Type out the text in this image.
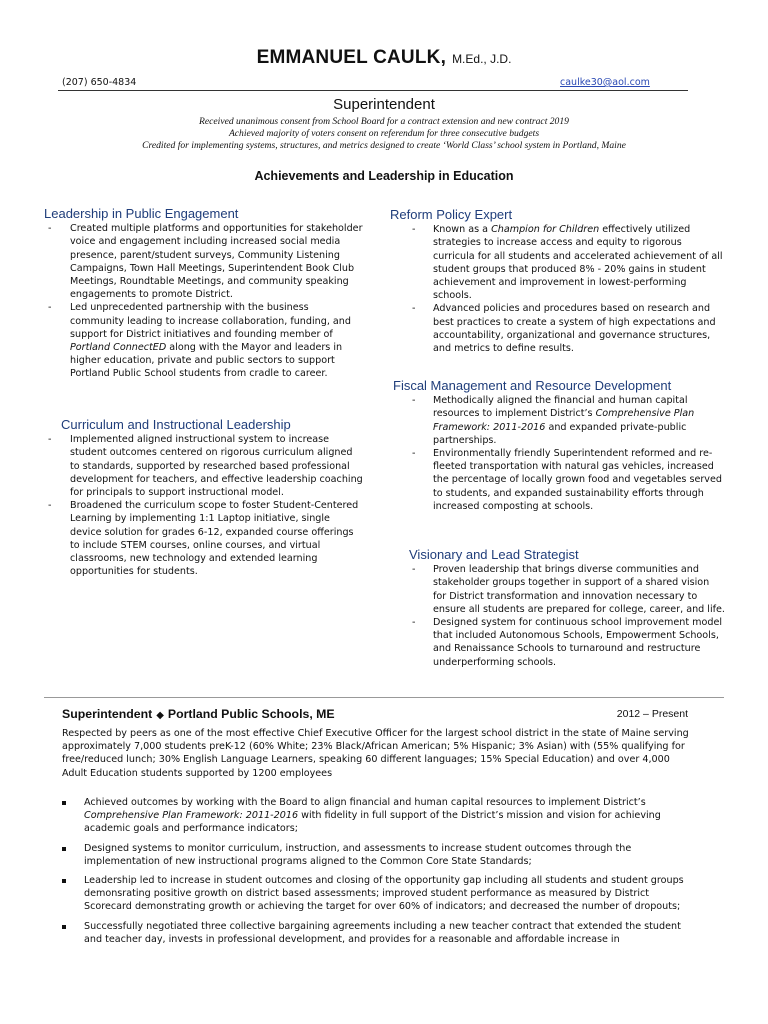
EMMANUEL CAULK, M.Ed., J.D.
(207) 650-4834	caulke30@aol.com
Superintendent
Received unanimous consent from School Board for a contract extension and new contract 2019
Achieved majority of voters consent on referendum for three consecutive budgets
Credited for implementing systems, structures, and metrics designed to create ‘World Class’ school system in Portland, Maine
Achievements and Leadership in Education
Leadership in Public Engagement
- Created multiple platforms and opportunities for stakeholder voice and engagement including increased social media presence, parent/student surveys, Community Listening Campaigns, Town Hall Meetings, Superintendent Book Club Meetings, Roundtable Meetings, and community speaking engagements to promote District.
- Led unprecedented partnership with the business community leading to increase collaboration, funding, and support for District initiatives and founding member of Portland ConnectED along with the Mayor and leaders in higher education, private and public sectors to support Portland Public School students from cradle to career.
Curriculum and Instructional Leadership
- Implemented aligned instructional system to increase student outcomes centered on rigorous curriculum aligned to standards, supported by researched based professional development for teachers, and effective leadership coaching for principals to support instructional model.
- Broadened the curriculum scope to foster Student-Centered Learning by implementing 1:1 Laptop initiative, single device solution for grades 6-12, expanded course offerings to include STEM courses, online courses, and virtual classrooms, new technology and extended learning opportunities for students.
Reform Policy Expert
- Known as a Champion for Children effectively utilized strategies to increase access and equity to rigorous curricula for all students and accelerated achievement of all student groups that produced 8% - 20% gains in student achievement and improvement in lowest-performing schools.
- Advanced policies and procedures based on research and best practices to create a system of high expectations and accountability, organizational and governance structures, and metrics to define results.
Fiscal Management and Resource Development
- Methodically aligned the financial and human capital resources to implement District’s Comprehensive Plan Framework: 2011-2016 and expanded private-public partnerships.
- Environmentally friendly Superintendent reformed and re-fleeted transportation with natural gas vehicles, increased the percentage of locally grown food and vegetables served to students, and expanded sustainability efforts through increased composting at schools.
Visionary and Lead Strategist
- Proven leadership that brings diverse communities and stakeholder groups together in support of a shared vision for District transformation and innovation necessary to ensure all students are prepared for college, career, and life.
- Designed system for continuous school improvement model that included Autonomous Schools, Empowerment Schools, and Renaissance Schools to turnaround and restructure underperforming schools.
Superintendent ◆ Portland Public Schools, ME	2012 – Present
Respected by peers as one of the most effective Chief Executive Officer for the largest school district in the state of Maine serving approximately 7,000 students preK-12 (60% White; 23% Black/African American; 5% Hispanic; 3% Asian) with (55% qualifying for free/reduced lunch; 30% English Language Learners, speaking 60 different languages; 15% Special Education) and over 4,000 Adult Education students supported by 1200 employees
Achieved outcomes by working with the Board to align financial and human capital resources to implement District’s Comprehensive Plan Framework: 2011-2016 with fidelity in full support of the District’s mission and vision for achieving academic goals and performance indicators;
Designed systems to monitor curriculum, instruction, and assessments to increase student outcomes through the implementation of new instructional programs aligned to the Common Core State Standards;
Leadership led to increase in student outcomes and closing of the opportunity gap including all students and student groups demonsrating positive growth on district based assessments; improved student performance as measured by District Scorecard demonstrating growth or achieving the target for over 60% of indicators; and decreased the number of dropouts;
Successfully negotiated three collective bargaining agreements including a new teacher contract that extended the student and teacher day, invests in professional development, and provides for a reasonable and affordable increase in
